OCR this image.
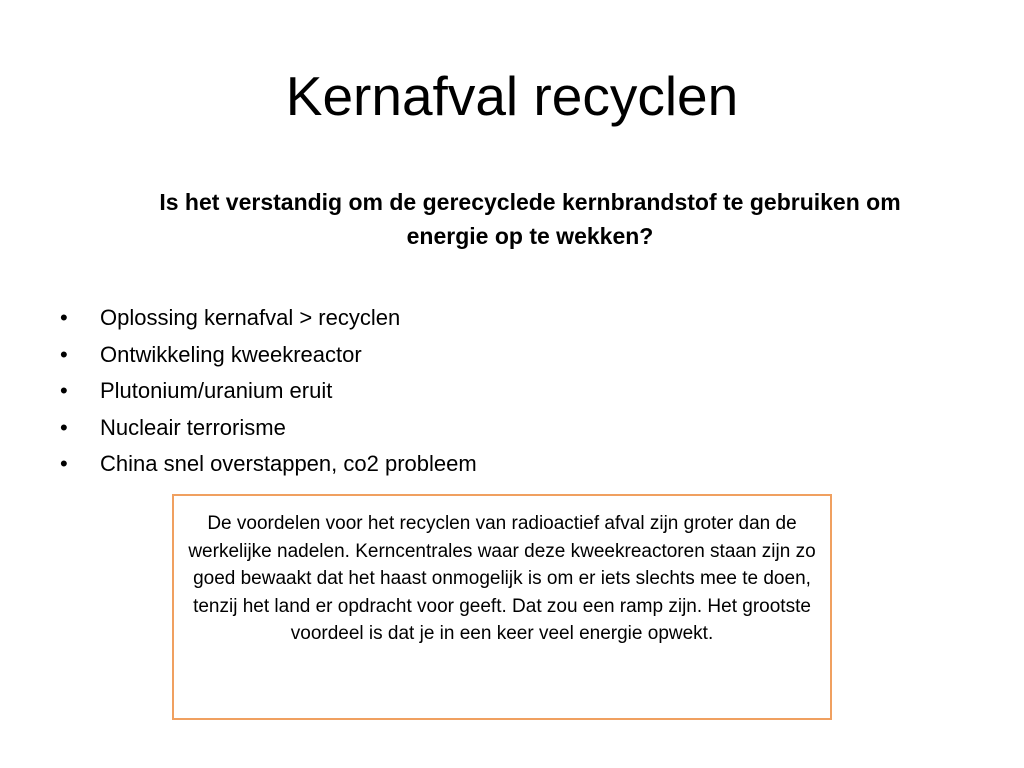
Kernafval recyclen
Is het verstandig om de gerecyclede kernbrandstof te gebruiken om energie op te wekken?
• Oplossing kernafval > recyclen
• Ontwikkeling kweekreactor
• Plutonium/uranium eruit
• Nucleair terrorisme
• China snel overstappen, co2 probleem
De voordelen voor het recyclen van radioactief afval zijn groter dan de werkelijke nadelen. Kerncentrales waar deze kweekreactoren staan zijn zo goed bewaakt dat het haast onmogelijk is om er iets slechts mee te doen, tenzij het land er opdracht voor geeft. Dat zou een ramp zijn. Het grootste voordeel is dat je in een keer veel energie opwekt.
